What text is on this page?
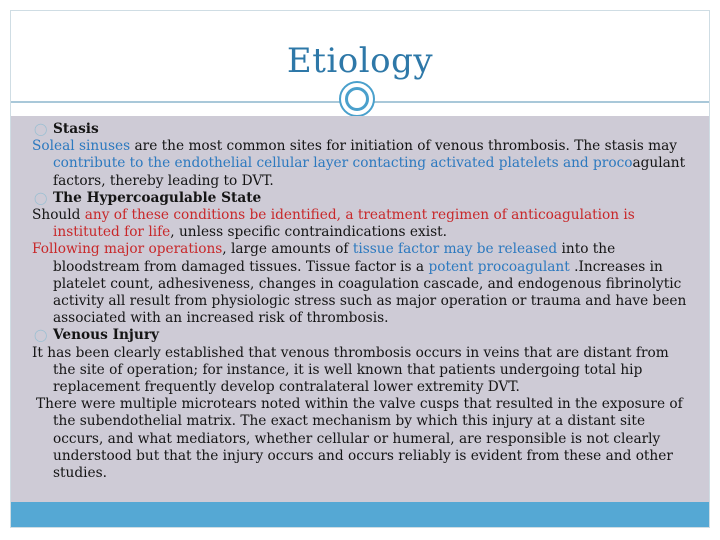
Etiology

◯ Stasis

Soleal sinuses are the most common sites for initiation of venous thrombosis. The stasis may contribute to the endothelial cellular layer contacting activated platelets and procoagulant factors, thereby leading to DVT.

◯ The Hypercoagulable State

Should any of these conditions be identified, a treatment regimen of anticoagulation is instituted for life, unless specific contraindications exist.

Following major operations, large amounts of tissue factor may be released into the bloodstream from damaged tissues. Tissue factor is a potent procoagulant .Increases in platelet count, adhesiveness, changes in coagulation cascade, and endogenous fibrinolytic activity all result from physiologic stress such as major operation or trauma and have been associated with an increased risk of thrombosis.

◯ Venous Injury

It has been clearly established that venous thrombosis occurs in veins that are distant from the site of operation; for instance, it is well known that patients undergoing total hip replacement frequently develop contralateral lower extremity DVT.

There were multiple microtears noted within the valve cusps that resulted in the exposure of the subendothelial matrix. The exact mechanism by which this injury at a distant site occurs, and what mediators, whether cellular or humeral, are responsible is not clearly understood but that the injury occurs and occurs reliably is evident from these and other studies.
